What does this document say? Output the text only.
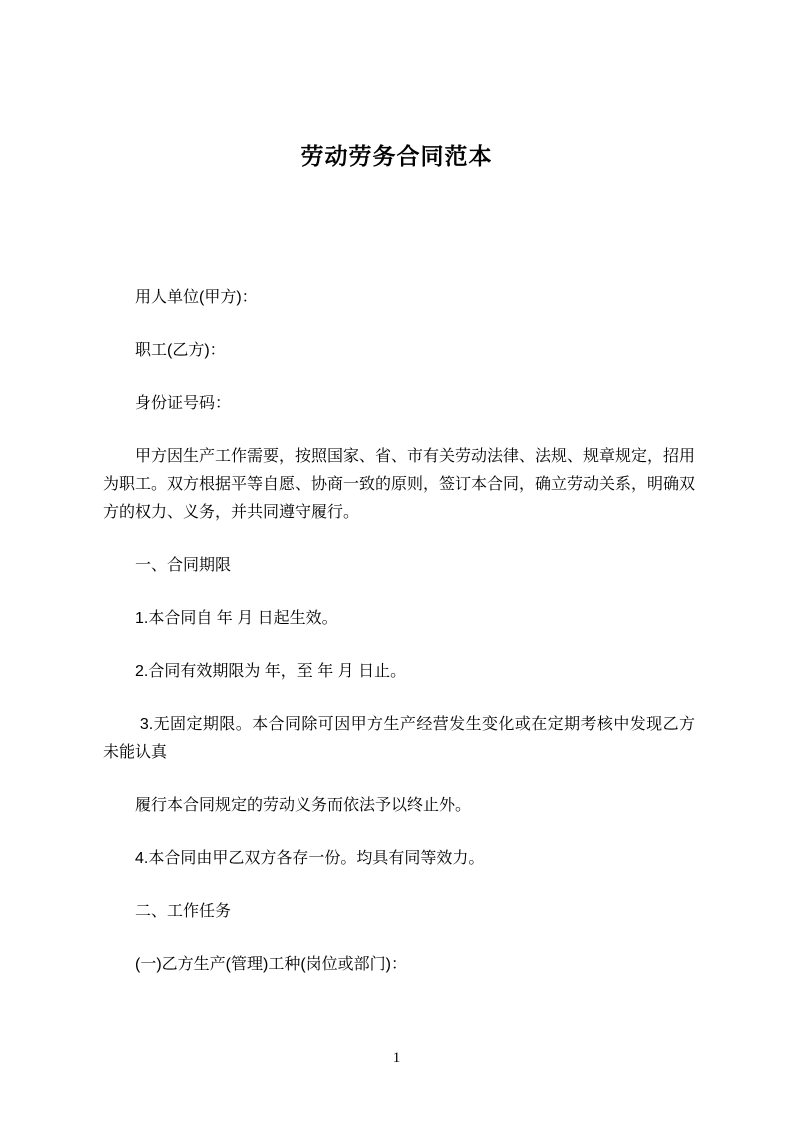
劳动劳务合同范本

用人单位(甲方)：

职工(乙方)：

身份证号码：

甲方因生产工作需要，按照国家、省、市有关劳动法律、法规、规章规定，招用 为职工。双方根据平等自愿、协商一致的原则，签订本合同，确立劳动关系，明确双方的权力、义务，并共同遵守履行。

一、合同期限

1.本合同自 年 月 日起生效。

2.合同有效期限为 年，至 年 月 日止。

3.无固定期限。本合同除可因甲方生产经营发生变化或在定期考核中发现乙方未能认真

履行本合同规定的劳动义务而依法予以终止外。

4.本合同由甲乙双方各存一份。均具有同等效力。

二、工作任务

(一)乙方生产(管理)工种(岗位或部门)：

1
